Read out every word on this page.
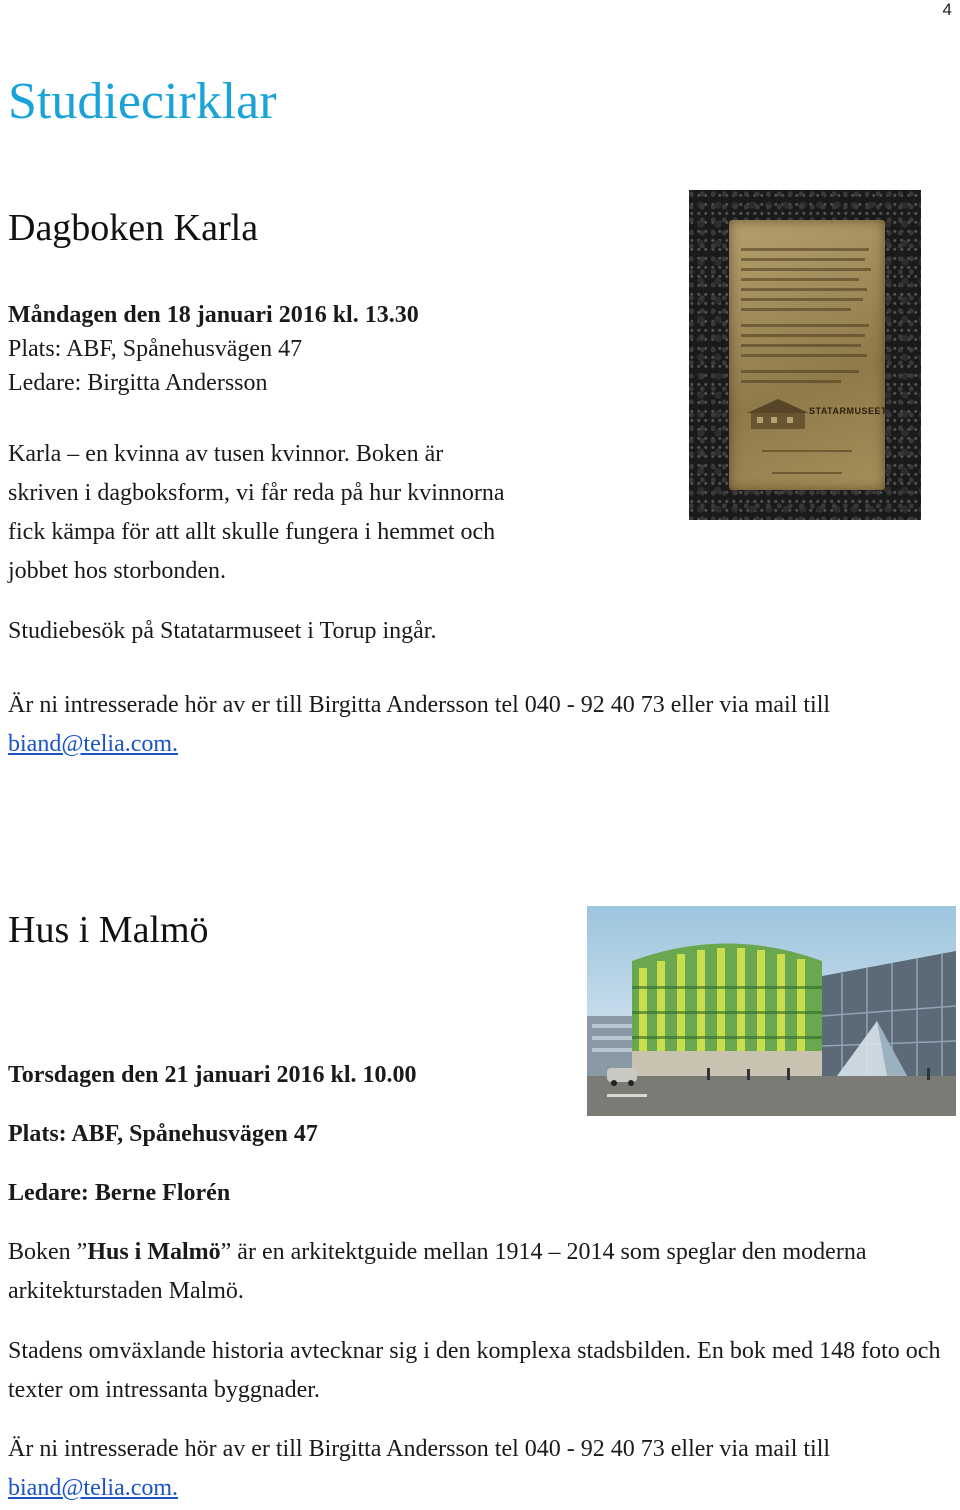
4
Studiecirklar
Dagboken Karla
Måndagen den 18 januari 2016 kl. 13.30
Plats: ABF, Spånehusvägen 47
Ledare: Birgitta Andersson
Karla – en kvinna av tusen kvinnor. Boken är
skriven i dagboksform, vi får reda på hur kvinnorna
fick kämpa för att allt skulle fungera i hemmet och
jobbet hos storbonden.
Studiebesök på Statatarmuseet i Torup ingår.

Är ni intresserade hör av er till Birgitta Andersson tel 040 - 92 40 73 eller via mail till biand@telia.com.

STATARMUSEET
Hus i Malmö
Torsdagen den 21 januari 2016 kl. 10.00
Plats: ABF, Spånehusvägen 47
Ledare: Berne Florén

Boken ”Hus i Malmö” är en arkitektguide mellan 1914 – 2014 som speglar den moderna arkitekturstaden Malmö.

Stadens omväxlande historia avtecknar sig i den komplexa stadsbilden. En bok med 148 foto och texter om intressanta byggnader.

Är ni intresserade hör av er till Birgitta Andersson tel 040 - 92 40 73 eller via mail till biand@telia.com.
